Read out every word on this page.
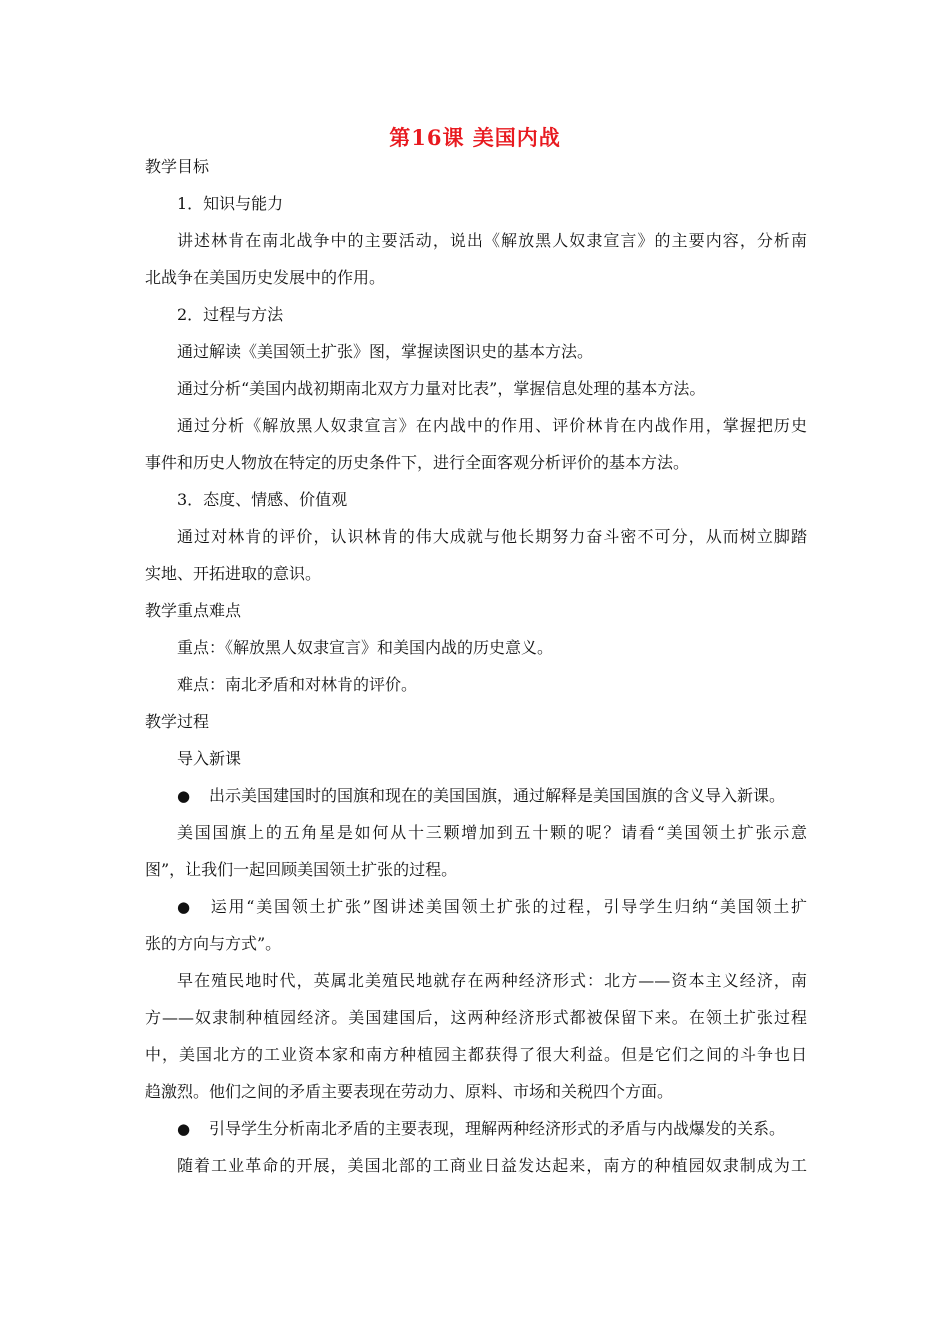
第16课 美国内战
教学目标
1．知识与能力
讲述林肯在南北战争中的主要活动，说出《解放黑人奴隶宣言》的主要内容，分析南
北战争在美国历史发展中的作用。
2．过程与方法
通过解读《美国领土扩张》图，掌握读图识史的基本方法。
通过分析“美国内战初期南北双方力量对比表”，掌握信息处理的基本方法。
通过分析《解放黑人奴隶宣言》在内战中的作用、评价林肯在内战作用，掌握把历史
事件和历史人物放在特定的历史条件下，进行全面客观分析评价的基本方法。
3．态度、情感、价值观
通过对林肯的评价，认识林肯的伟大成就与他长期努力奋斗密不可分，从而树立脚踏
实地、开拓进取的意识。
教学重点难点
重点：《解放黑人奴隶宣言》和美国内战的历史意义。
难点：南北矛盾和对林肯的评价。
教学过程
导入新课
● 出示美国建国时的国旗和现在的美国国旗，通过解释是美国国旗的含义导入新课。
美国国旗上的五角星是如何从十三颗增加到五十颗的呢？请看“美国领土扩张示意
图”，让我们一起回顾美国领土扩张的过程。
● 运用“美国领土扩张”图讲述美国领土扩张的过程，引导学生归纳“美国领土扩
张的方向与方式”。
早在殖民地时代，英属北美殖民地就存在两种经济形式：北方——资本主义经济，南
方——奴隶制种植园经济。美国建国后，这两种经济形式都被保留下来。在领土扩张过程
中，美国北方的工业资本家和南方种植园主都获得了很大利益。但是它们之间的斗争也日
趋激烈。他们之间的矛盾主要表现在劳动力、原料、市场和关税四个方面。
● 引导学生分析南北矛盾的主要表现，理解两种经济形式的矛盾与内战爆发的关系。
随着工业革命的开展，美国北部的工商业日益发达起来，南方的种植园奴隶制成为工
